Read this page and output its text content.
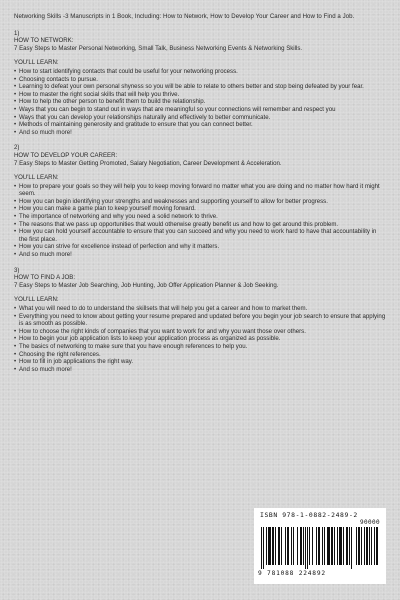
Networking Skills -3 Manuscripts in 1 Book, Including: How to Network, How to Develop Your Career and How to Find a Job.
1)
HOW TO NETWORK:
7 Easy Steps to Master Personal Networking, Small Talk, Business Networking Events & Networking Skills.
YOU'LL LEARN:
• How to start identifying contacts that could be useful for your networking process.
• Choosing contacts to pursue.
• Learning to defeat your own personal shyness so you will be able to relate to others better and stop being defeated by your fear.
• How to master the right social skills that will help you thrive.
• How to help the other person to benefit them to build the relationship.
• Ways that you can begin to stand out in ways that are meaningful so your connections will remember and respect you
• Ways that you can develop your relationships naturally and effectively to better communicate.
• Methods of maintaining generosity and gratitude to ensure that you can connect better.
• And so much more!
2)
HOW TO DEVELOP YOUR CAREER:
7 Easy Steps to Master Getting Promoted, Salary Negotiation, Career Development & Acceleration.
YOU'LL LEARN:
• How to prepare your goals so they will help you to keep moving forward no matter what you are doing and no matter how hard it might seem.
• How you can begin identifying your strengths and weaknesses and supporting yourself to allow for better progress.
• How you can make a game plan to keep yourself moving forward.
• The importance of networking and why you need a solid network to thrive.
• The reasons that we pass up opportunities that would otherwise greatly benefit us and how to get around this problem.
• How you can hold yourself accountable to ensure that you can succeed and why you need to work hard to have that accountability in the first place.
• How you can strive for excellence instead of perfection and why it matters.
• And so much more!
3)
HOW TO FIND A JOB:
7 Easy Steps to Master Job Searching, Job Hunting, Job Offer Application Planner & Job Seeking.
YOU'LL LEARN:
• What you will need to do to understand the skillsets that will help you get a career and how to market them.
• Everything you need to know about getting your resume prepared and updated before you begin your job search to ensure that applying is as smooth as possible.
• How to choose the right kinds of companies that you want to work for and why you want those over others.
• How to begin your job application lists to keep your application process as organized as possible.
• The basics of networking to make sure that you have enough references to help you.
• Choosing the right references.
• How to fill in job applications the right way.
• And so much more!
ISBN 978-1-0882-2489-2
90000
9 781088 224892
